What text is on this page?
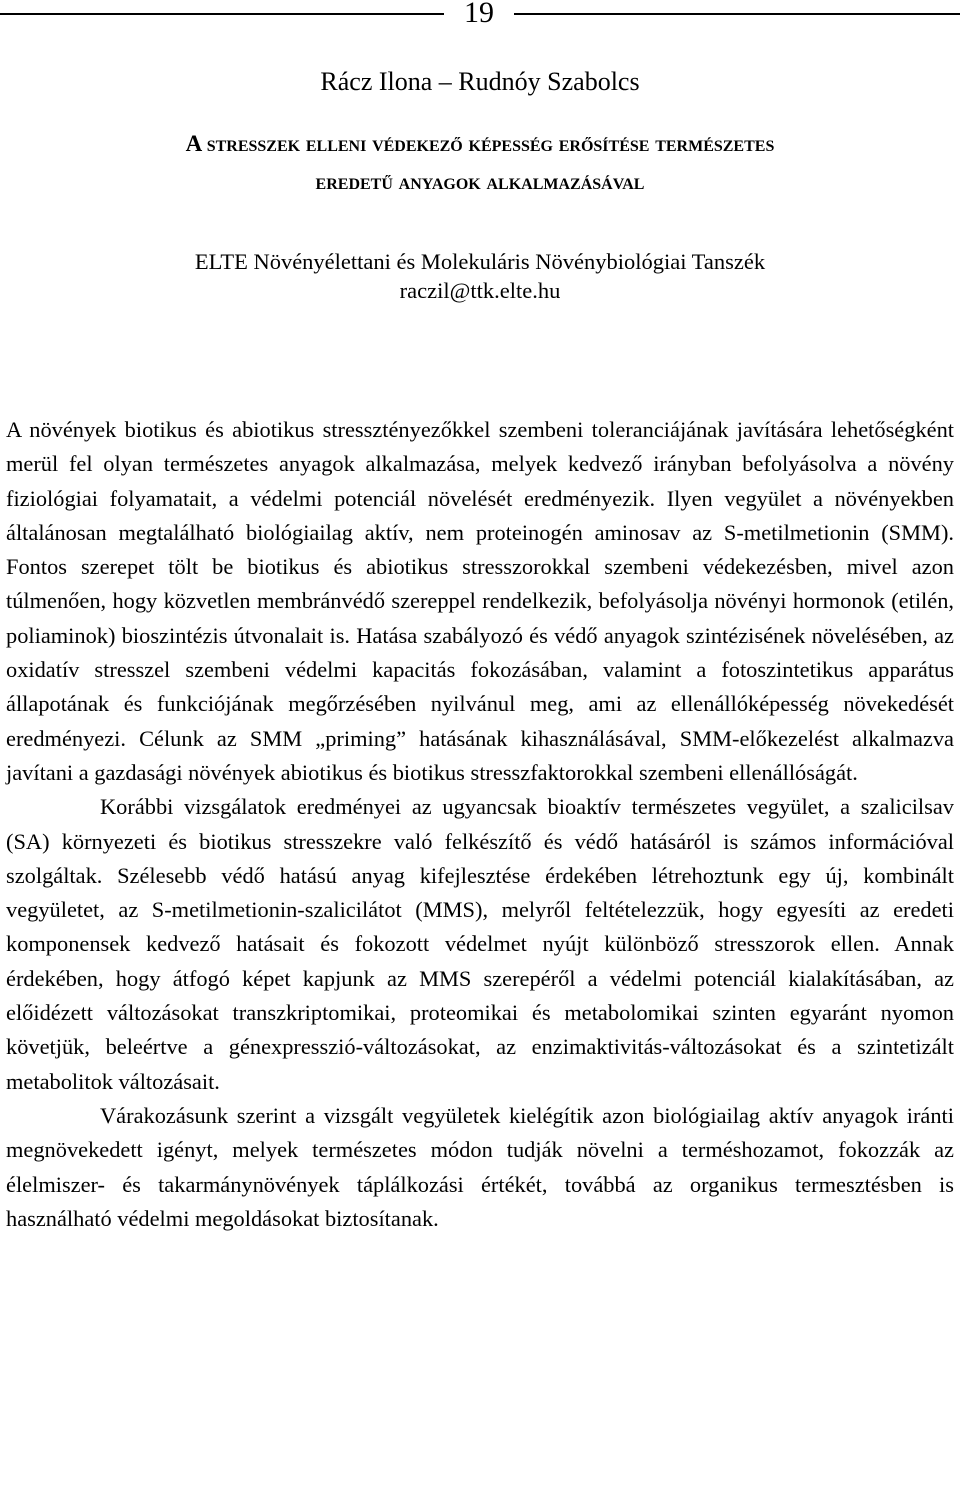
19
Rácz Ilona – Rudnóy Szabolcs
A stresszek elleni védekező képesség erősítése természetes
eredetű anyagok alkalmazásával
ELTE Növényélettani és Molekuláris Növénybiológiai Tanszék
raczil@ttk.elte.hu

A növények biotikus és abiotikus stressztényezőkkel szembeni toleranciájának javítására lehetőségként merül fel olyan természetes anyagok alkalmazása, melyek kedvező irányban befolyásolva a növény fiziológiai folyamatait, a védelmi potenciál növelését eredményezik. Ilyen vegyület a növényekben általánosan megtalálható biológiailag aktív, nem proteinogén aminosav az S-metilmetionin (SMM). Fontos szerepet tölt be biotikus és abiotikus stresszorokkal szembeni védekezésben, mivel azon túlmenően, hogy közvetlen membránvédő szereppel rendelkezik, befolyásolja növényi hormonok (etilén, poliaminok) bioszintézis útvonalait is. Hatása szabályozó és védő anyagok szintézisének növelésében, az oxidatív stresszel szembeni védelmi kapacitás fokozásában, valamint a fotoszintetikus apparátus állapotának és funkciójának megőrzésében nyilvánul meg, ami az ellenállóképesség növekedését eredményezi. Célunk az SMM „priming” hatásának kihasználásával, SMM-előkezelést alkalmazva javítani a gazdasági növények abiotikus és biotikus stresszfaktorokkal szembeni ellenállóságát.

Korábbi vizsgálatok eredményei az ugyancsak bioaktív természetes vegyület, a szalicilsav (SA) környezeti és biotikus stresszekre való felkészítő és védő hatásáról is számos információval szolgáltak. Szélesebb védő hatású anyag kifejlesztése érdekében létrehoztunk egy új, kombinált vegyületet, az S-metilmetionin-szalicilátot (MMS), melyről feltételezzük, hogy egyesíti az eredeti komponensek kedvező hatásait és fokozott védelmet nyújt különböző stresszorok ellen. Annak érdekében, hogy átfogó képet kapjunk az MMS szerepéről a védelmi potenciál kialakításában, az előidézett változásokat transzkriptomikai, proteomikai és metabolomikai szinten egyaránt nyomon követjük, beleértve a génexpresszió-változásokat, az enzimaktivitás-változásokat és a szintetizált metabolitok változásait.

Várakozásunk szerint a vizsgált vegyületek kielégítik azon biológiailag aktív anyagok iránti megnövekedett igényt, melyek természetes módon tudják növelni a terméshozamot, fokozzák az élelmiszer- és takarmánynövények táplálkozási értékét, továbbá az organikus termesztésben is használható védelmi megoldásokat biztosítanak.
